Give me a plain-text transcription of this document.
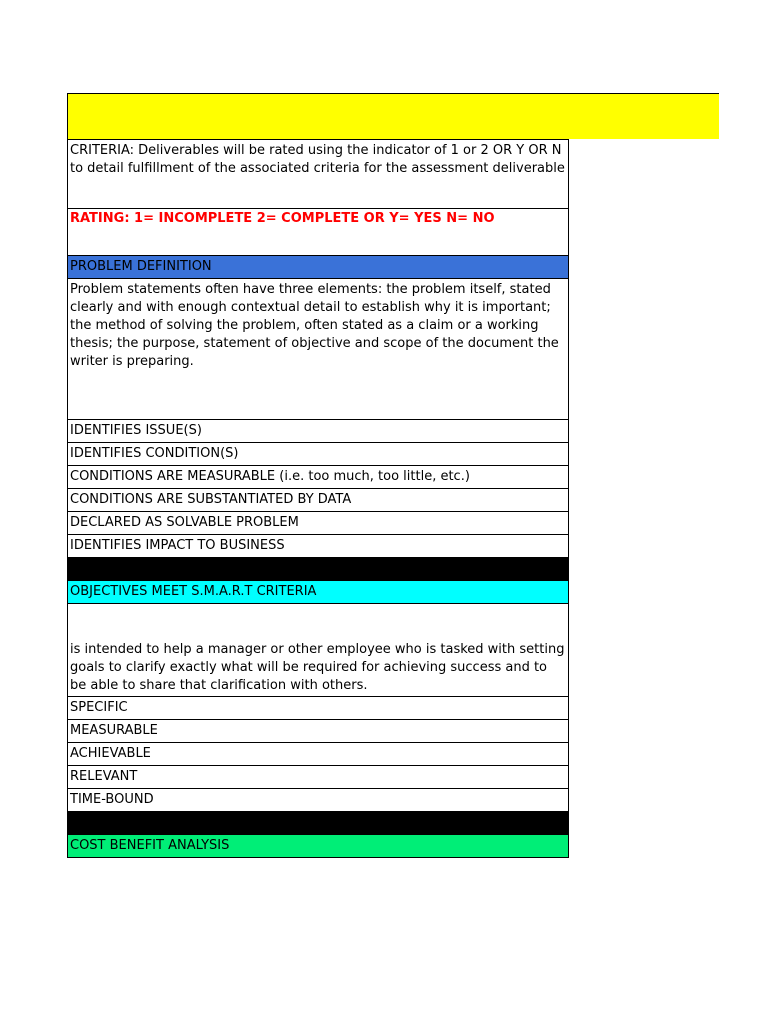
CRITERIA: Deliverables will be rated using the indicator of 1 or 2 OR Y OR N to detail fulfillment of the associated criteria for the assessment deliverable
RATING: 1= INCOMPLETE 2= COMPLETE OR Y= YES N= NO
PROBLEM DEFINITION
Problem statements often have three elements: the problem itself, stated clearly and with enough contextual detail to establish why it is important; the method of solving the problem, often stated as a claim or a working thesis; the purpose, statement of objective and scope of the document the writer is preparing.
IDENTIFIES ISSUE(S)
IDENTIFIES CONDITION(S)
CONDITIONS ARE MEASURABLE (i.e. too much, too little, etc.)
CONDITIONS ARE SUBSTANTIATED BY DATA
DECLARED AS SOLVABLE PROBLEM
IDENTIFIES IMPACT TO BUSINESS
OBJECTIVES MEET S.M.A.R.T CRITERIA
is intended to help a manager or other employee who is tasked with setting goals to clarify exactly what will be required for achieving success and to be able to share that clarification with others.
SPECIFIC
MEASURABLE
ACHIEVABLE
RELEVANT
TIME-BOUND
COST BENEFIT ANALYSIS
